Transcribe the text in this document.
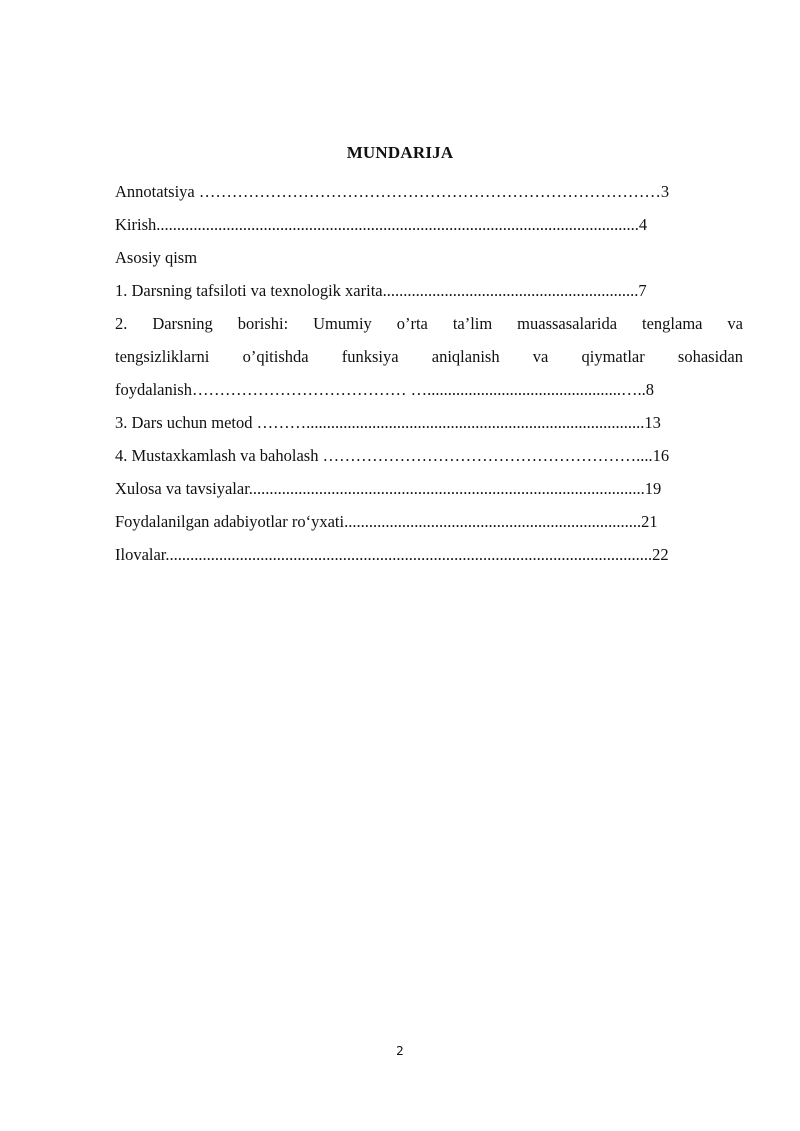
MUNDARIJA
Annotatsiya …………………………………………………………………………3
Kirish.....................................................................................................................4
Asosiy qism
1. Darsning tafsiloti va texnologik xarita..............................................................7
2. Darsning borishi: Umumiy o’rta ta’lim muassasalarida tenglama va
tengsizliklarni o’qitishda funksiya aniqlanish va qiymatlar sohasidan
foydalanish………………………………… …...............................................…..8
3. Dars uchun metod ………..................................................................................13
4. Mustaxkamlash va baholash …………………………………………………....16
Xulosa va tavsiyalar................................................................................................19
Foydalanilgan adabiyotlar ro‘yxati........................................................................21
Ilovalar......................................................................................................................22
2
